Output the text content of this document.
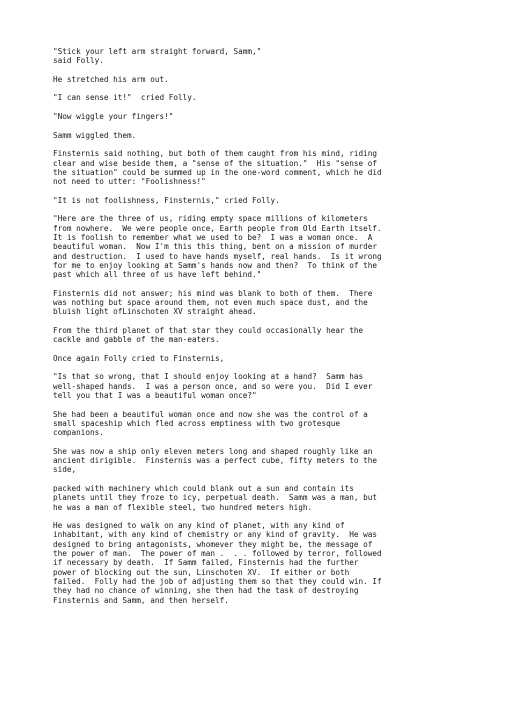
"Stick your left arm straight forward, Samm,"
said Folly.

He stretched his arm out.

"I can sense it!"  cried Folly.

"Now wiggle your fingers!"

Samm wiggled them.

Finsternis said nothing, but both of them caught from his mind, riding
clear and wise beside them, a "sense of the situation."  His "sense of
the situation" could be summed up in the one-word comment, which he did
not need to utter: "Foolishness!"

"It is not foolishness, Finsternis," cried Folly.

"Here are the three of us, riding empty space millions of kilometers
from nowhere.  We were people once, Earth people from Old Earth itself.
It is foolish to remember what we used to be?  I was a woman once.  A
beautiful woman.  Now I'm this this thing, bent on a mission of murder
and destruction.  I used to have hands myself, real hands.  Is it wrong
for me to enjoy looking at Samm's hands now and then?  To think of the
past which all three of us have left behind."

Finsternis did not answer; his mind was blank to both of them.  There
was nothing but space around them, not even much space dust, and the
bluish light ofLinschoten XV straight ahead.

From the third planet of that star they could occasionally hear the
cackle and gabble of the man-eaters.

Once again Folly cried to Finsternis,

"Is that so wrong, that I should enjoy looking at a hand?  Samm has
well-shaped hands.  I was a person once, and so were you.  Did I ever
tell you that I was a beautiful woman once?"

She had been a beautiful woman once and now she was the control of a
small spaceship which fled across emptiness with two grotesque
companions.

She was now a ship only eleven meters long and shaped roughly like an
ancient dirigible.  Finsternis was a perfect cube, fifty meters to the
side,

packed with machinery which could blank out a sun and contain its
planets until they froze to icy, perpetual death.  Samm was a man, but
he was a man of flexible steel, two hundred meters high.

He was designed to walk on any kind of planet, with any kind of
inhabitant, with any kind of chemistry or any kind of gravity.  He was
designed to bring antagonists, whomever they might be, the message of
the power of man.  The power of man .  . . followed by terror, followed
if necessary by death.  If Samm failed, Finsternis had the further
power of blocking out the sun, Linschoten XV.  If either or both
failed.  Folly had the job of adjusting them so that they could win. If
they had no chance of winning, she then had the task of destroying
Finsternis and Samm, and then herself.
